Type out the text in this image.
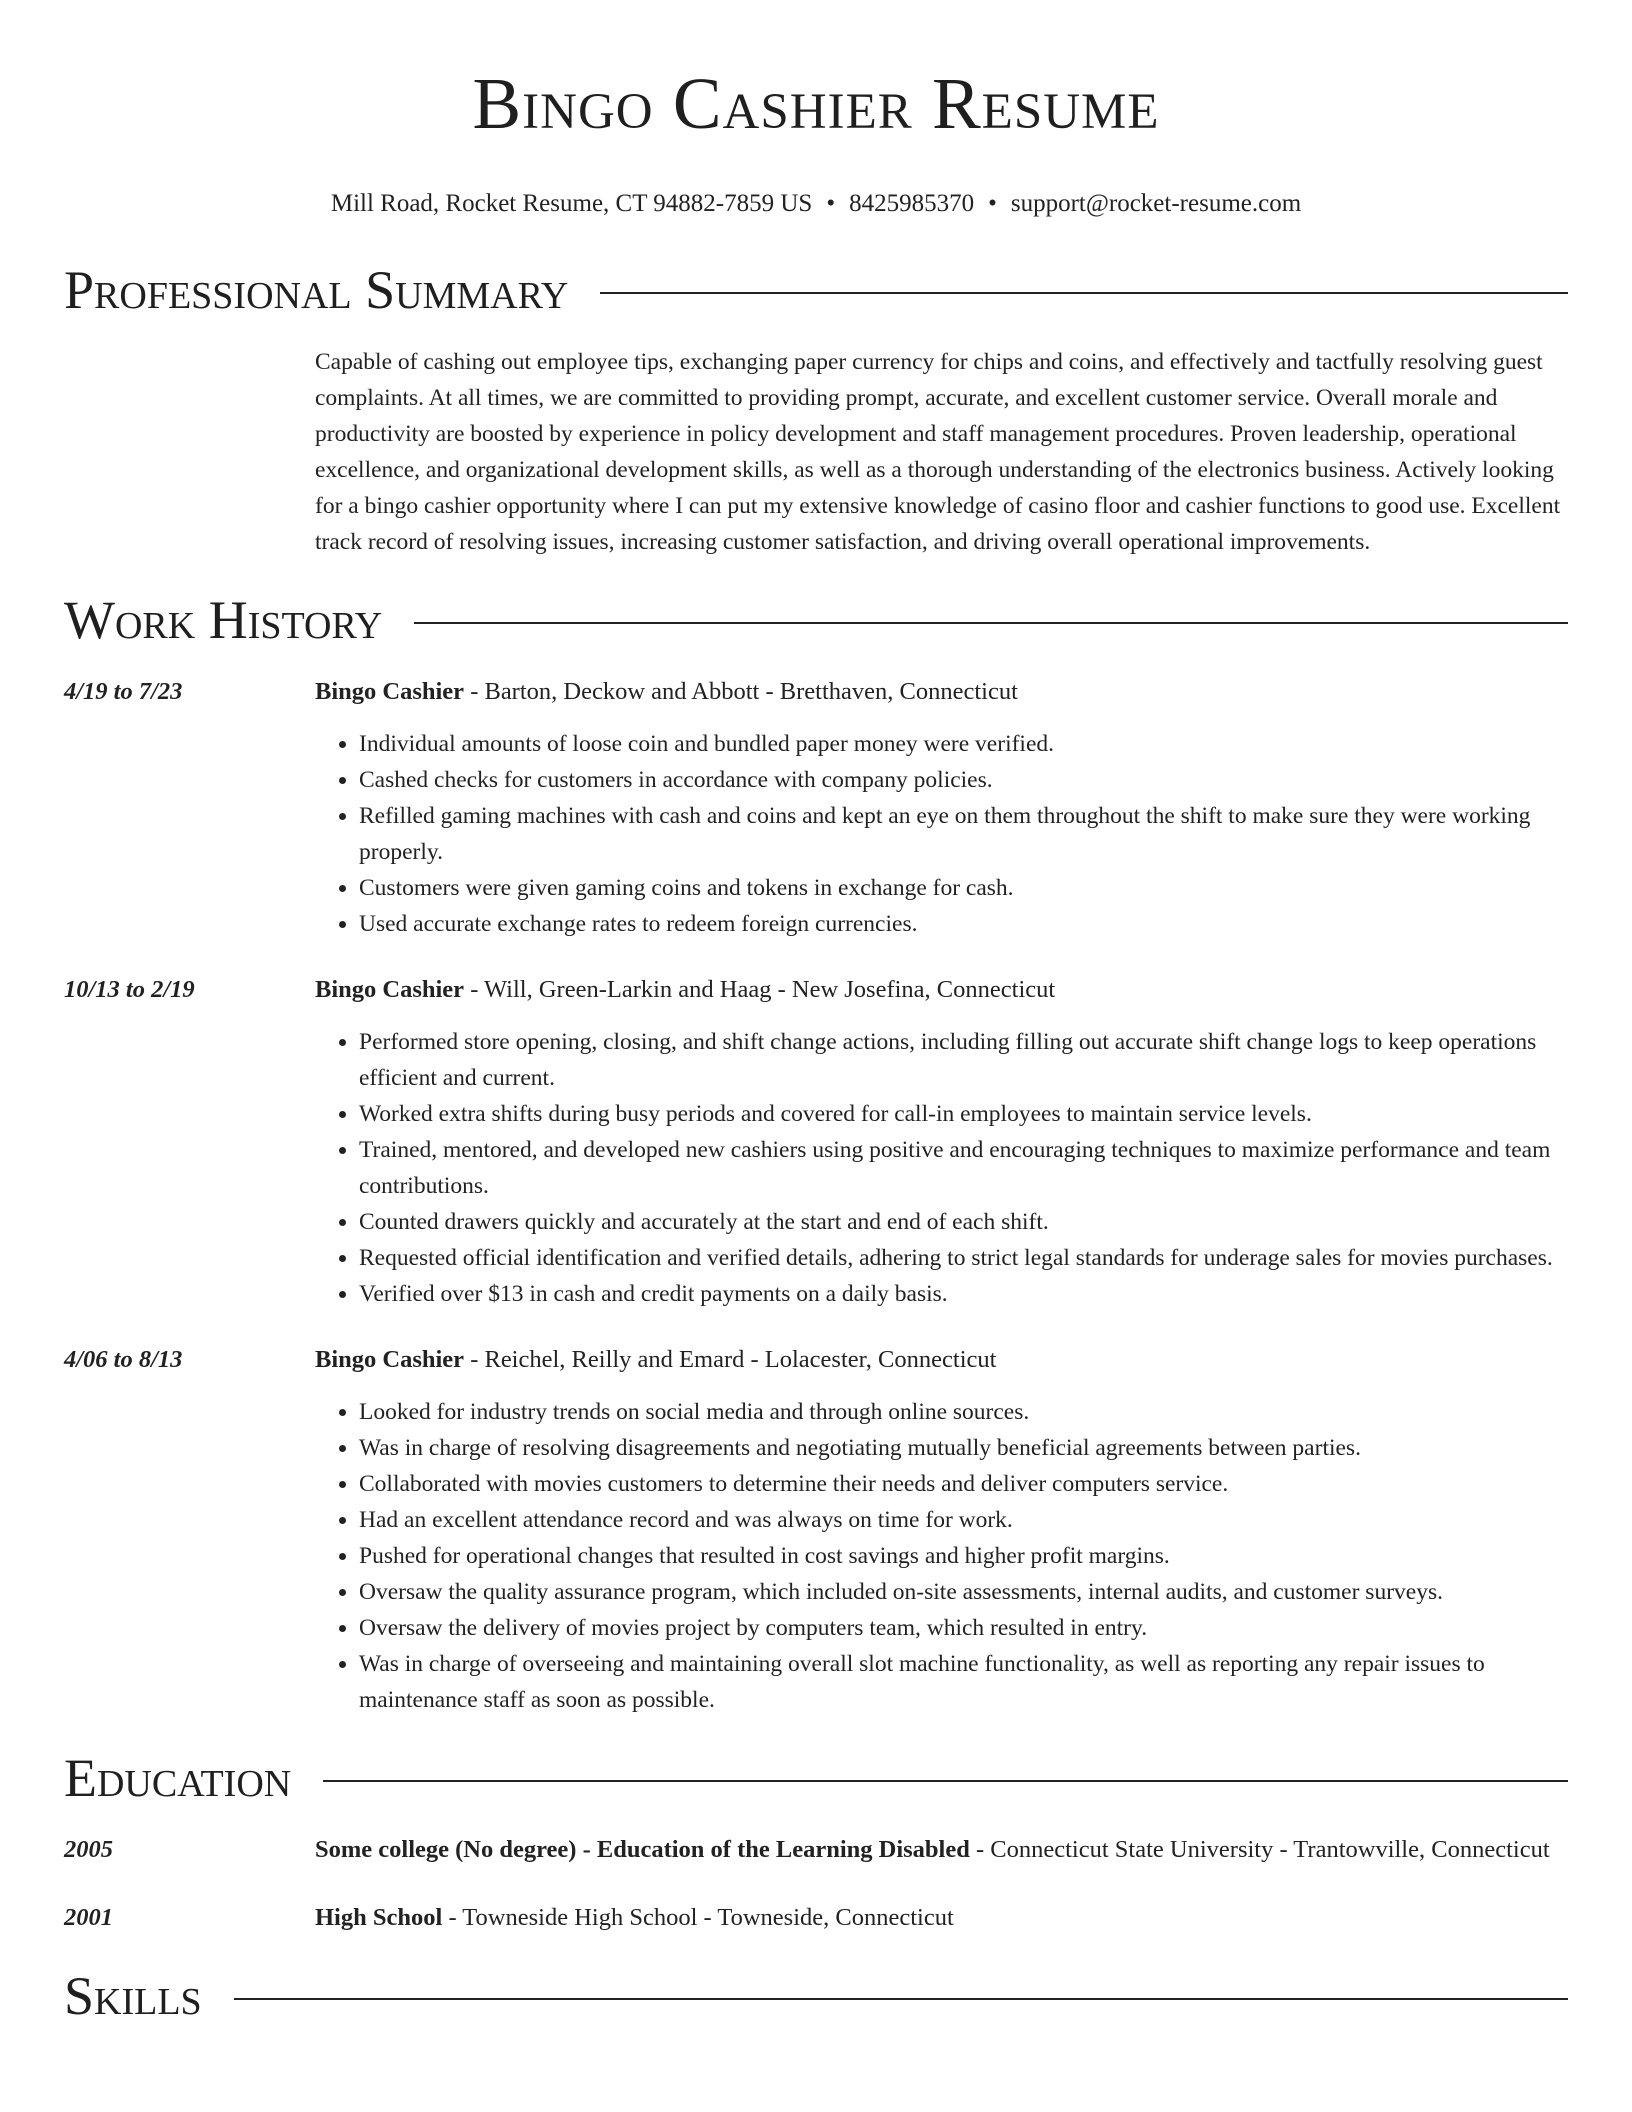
Bingo Cashier Resume
Mill Road, Rocket Resume, CT 94882-7859 US • 8425985370 • support@rocket-resume.com
Professional Summary
Capable of cashing out employee tips, exchanging paper currency for chips and coins, and effectively and tactfully resolving guest complaints. At all times, we are committed to providing prompt, accurate, and excellent customer service. Overall morale and productivity are boosted by experience in policy development and staff management procedures. Proven leadership, operational excellence, and organizational development skills, as well as a thorough understanding of the electronics business. Actively looking for a bingo cashier opportunity where I can put my extensive knowledge of casino floor and cashier functions to good use. Excellent track record of resolving issues, increasing customer satisfaction, and driving overall operational improvements.
Work History
4/19 to 7/23	Bingo Cashier - Barton, Deckow and Abbott - Bretthaven, Connecticut
• Individual amounts of loose coin and bundled paper money were verified.
• Cashed checks for customers in accordance with company policies.
• Refilled gaming machines with cash and coins and kept an eye on them throughout the shift to make sure they were working properly.
• Customers were given gaming coins and tokens in exchange for cash.
• Used accurate exchange rates to redeem foreign currencies.
10/13 to 2/19	Bingo Cashier - Will, Green-Larkin and Haag - New Josefina, Connecticut
• Performed store opening, closing, and shift change actions, including filling out accurate shift change logs to keep operations efficient and current.
• Worked extra shifts during busy periods and covered for call-in employees to maintain service levels.
• Trained, mentored, and developed new cashiers using positive and encouraging techniques to maximize performance and team contributions.
• Counted drawers quickly and accurately at the start and end of each shift.
• Requested official identification and verified details, adhering to strict legal standards for underage sales for movies purchases.
• Verified over $13 in cash and credit payments on a daily basis.
4/06 to 8/13	Bingo Cashier - Reichel, Reilly and Emard - Lolacester, Connecticut
• Looked for industry trends on social media and through online sources.
• Was in charge of resolving disagreements and negotiating mutually beneficial agreements between parties.
• Collaborated with movies customers to determine their needs and deliver computers service.
• Had an excellent attendance record and was always on time for work.
• Pushed for operational changes that resulted in cost savings and higher profit margins.
• Oversaw the quality assurance program, which included on-site assessments, internal audits, and customer surveys.
• Oversaw the delivery of movies project by computers team, which resulted in entry.
• Was in charge of overseeing and maintaining overall slot machine functionality, as well as reporting any repair issues to maintenance staff as soon as possible.
Education
2005	Some college (No degree) - Education of the Learning Disabled - Connecticut State University - Trantowville, Connecticut
2001	High School - Towneside High School - Towneside, Connecticut
Skills
